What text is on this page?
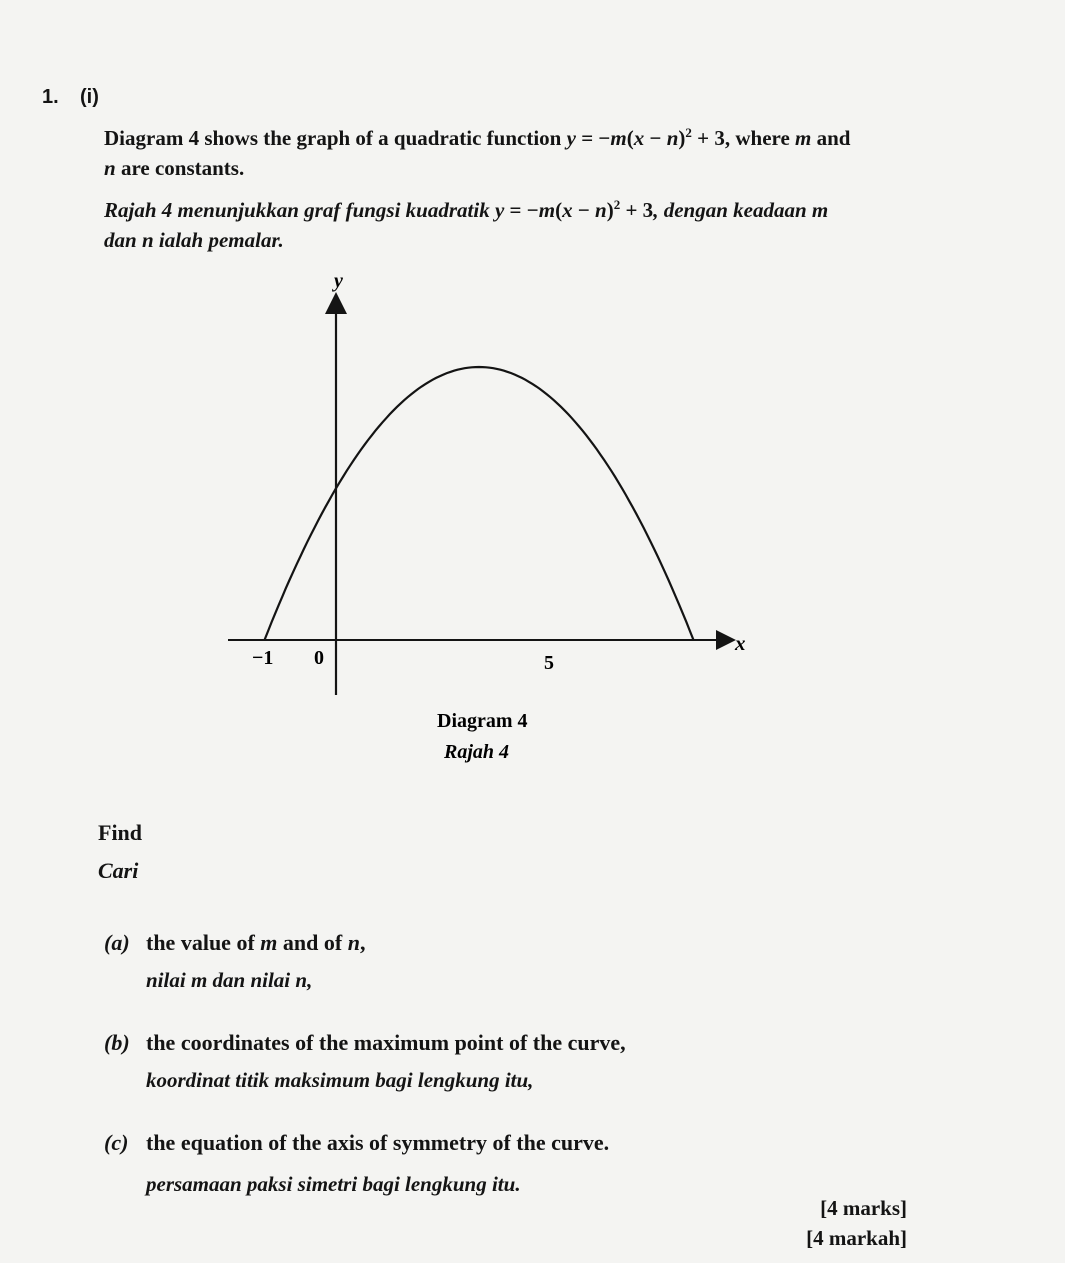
1. (i)
Diagram 4 shows the graph of a quadratic function $y = -m(x - n)^2 + 3$, where m and
n are constants.
Rajah 4 menunjukkan graf fungsi kuadratik $y = -m(x - n)^2 + 3$, dengan keadaan m
dan n ialah pemalar.
y
x
−1 0	5
Diagram 4
Rajah 4
Find
Cari
(a) the value of m and of n,
nilai m dan nilai n,
(b) the coordinates of the maximum point of the curve,
koordinat titik maksimum bagi lengkung itu,
(c) the equation of the axis of symmetry of the curve.
persamaan paksi simetri bagi lengkung itu.
[4 marks]
[4 markah]
